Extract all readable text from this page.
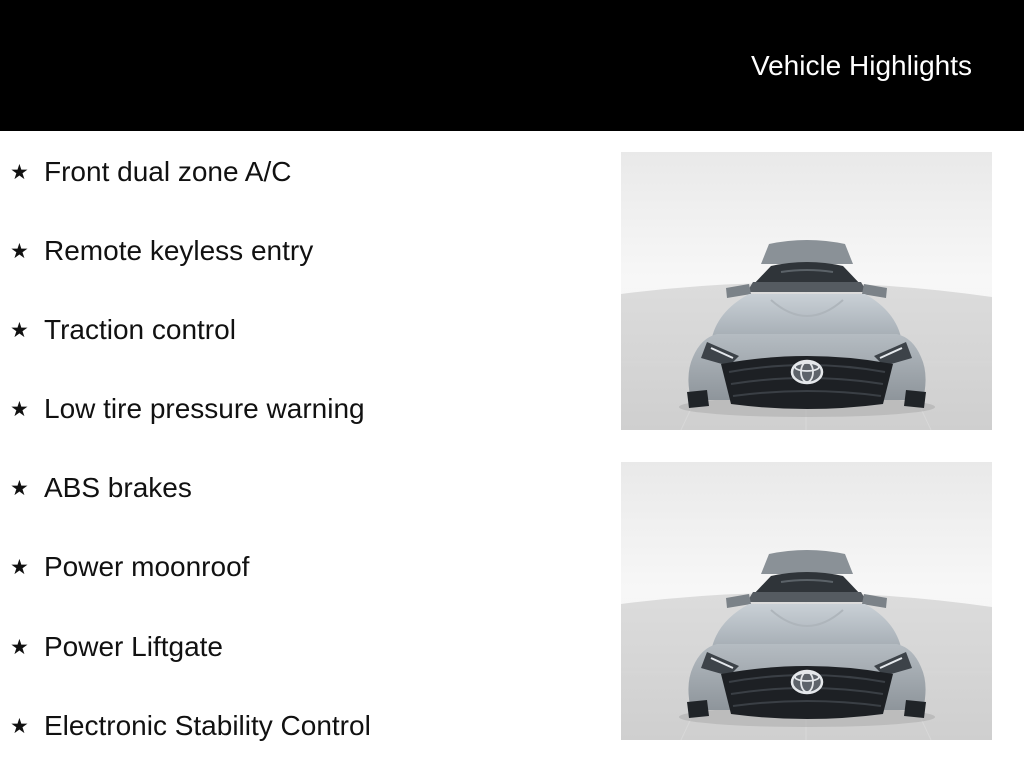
Vehicle Highlights
★ Front dual zone A/C
★ Remote keyless entry
★ Traction control
★ Low tire pressure warning
★ ABS brakes
★ Power moonroof
★ Power Liftgate
★ Electronic Stability Control
